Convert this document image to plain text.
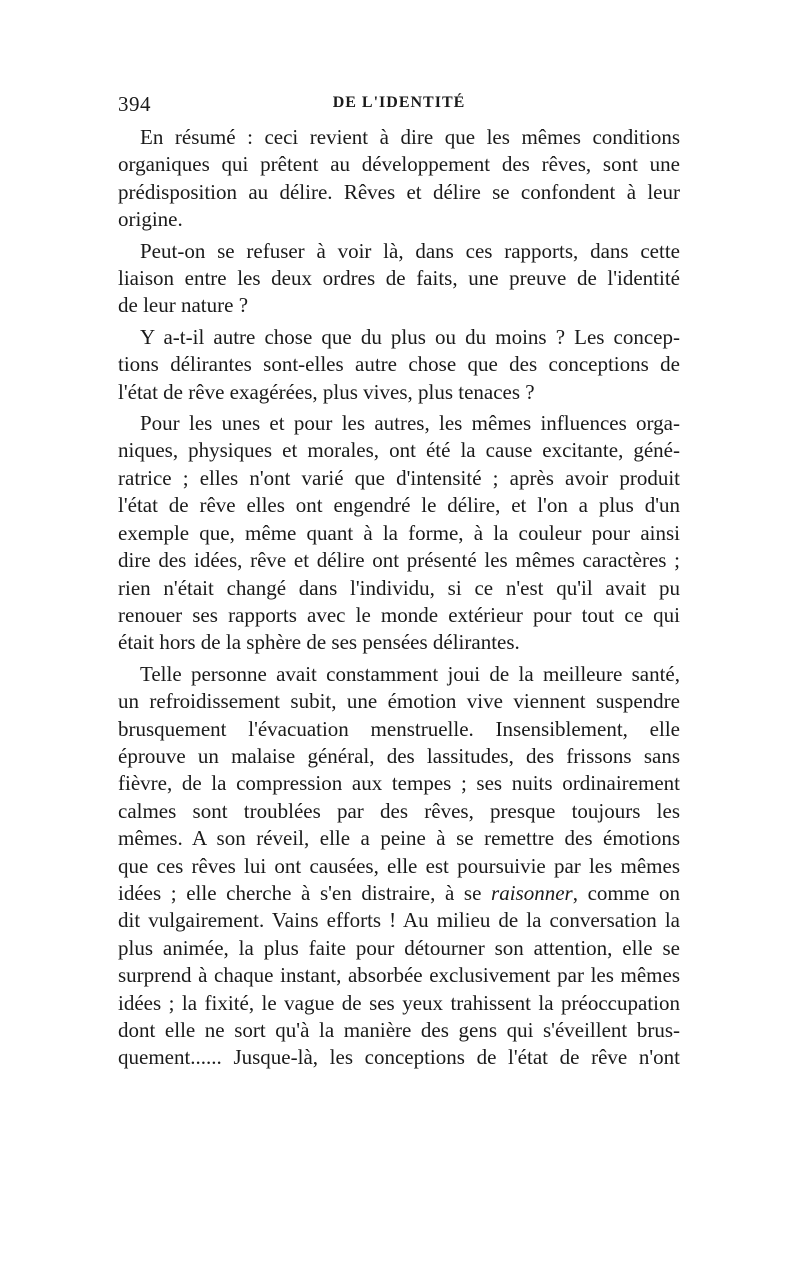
394	DE L'IDENTITÉ
En résumé : ceci revient à dire que les mêmes conditions
organiques qui prêtent au développement des rêves, sont une
prédisposition au délire. Rêves et délire se confondent à leur
origine.
Peut-on se refuser à voir là, dans ces rapports, dans cette
liaison entre les deux ordres de faits, une preuve de l'identité
de leur nature ?
Y a-t-il autre chose que du plus ou du moins ? Les concep-
tions délirantes sont-elles autre chose que des conceptions de
l'état de rêve exagérées, plus vives, plus tenaces ?
Pour les unes et pour les autres, les mêmes influences orga-
niques, physiques et morales, ont été la cause excitante, géné-
ratrice ; elles n'ont varié que d'intensité ; après avoir produit
l'état de rêve elles ont engendré le délire, et l'on a plus d'un
exemple que, même quant à la forme, à la couleur pour ainsi
dire des idées, rêve et délire ont présenté les mêmes caractères ;
rien n'était changé dans l'individu, si ce n'est qu'il avait pu
renouer ses rapports avec le monde extérieur pour tout ce qui
était hors de la sphère de ses pensées délirantes.
Telle personne avait constamment joui de la meilleure santé,
un refroidissement subit, une émotion vive viennent suspendre
brusquement l'évacuation menstruelle. Insensiblement, elle
éprouve un malaise général, des lassitudes, des frissons sans
fièvre, de la compression aux tempes ; ses nuits ordinairement
calmes sont troublées par des rêves, presque toujours les
mêmes. A son réveil, elle a peine à se remettre des émotions
que ces rêves lui ont causées, elle est poursuivie par les mêmes
idées ; elle cherche à s'en distraire, à se raisonner, comme on
dit vulgairement. Vains efforts ! Au milieu de la conversation la
plus animée, la plus faite pour détourner son attention, elle se
surprend à chaque instant, absorbée exclusivement par les mêmes
idées ; la fixité, le vague de ses yeux trahissent la préoccupation
dont elle ne sort qu'à la manière des gens qui s'éveillent brus-
quement...... Jusque-là, les conceptions de l'état de rêve n'ont
